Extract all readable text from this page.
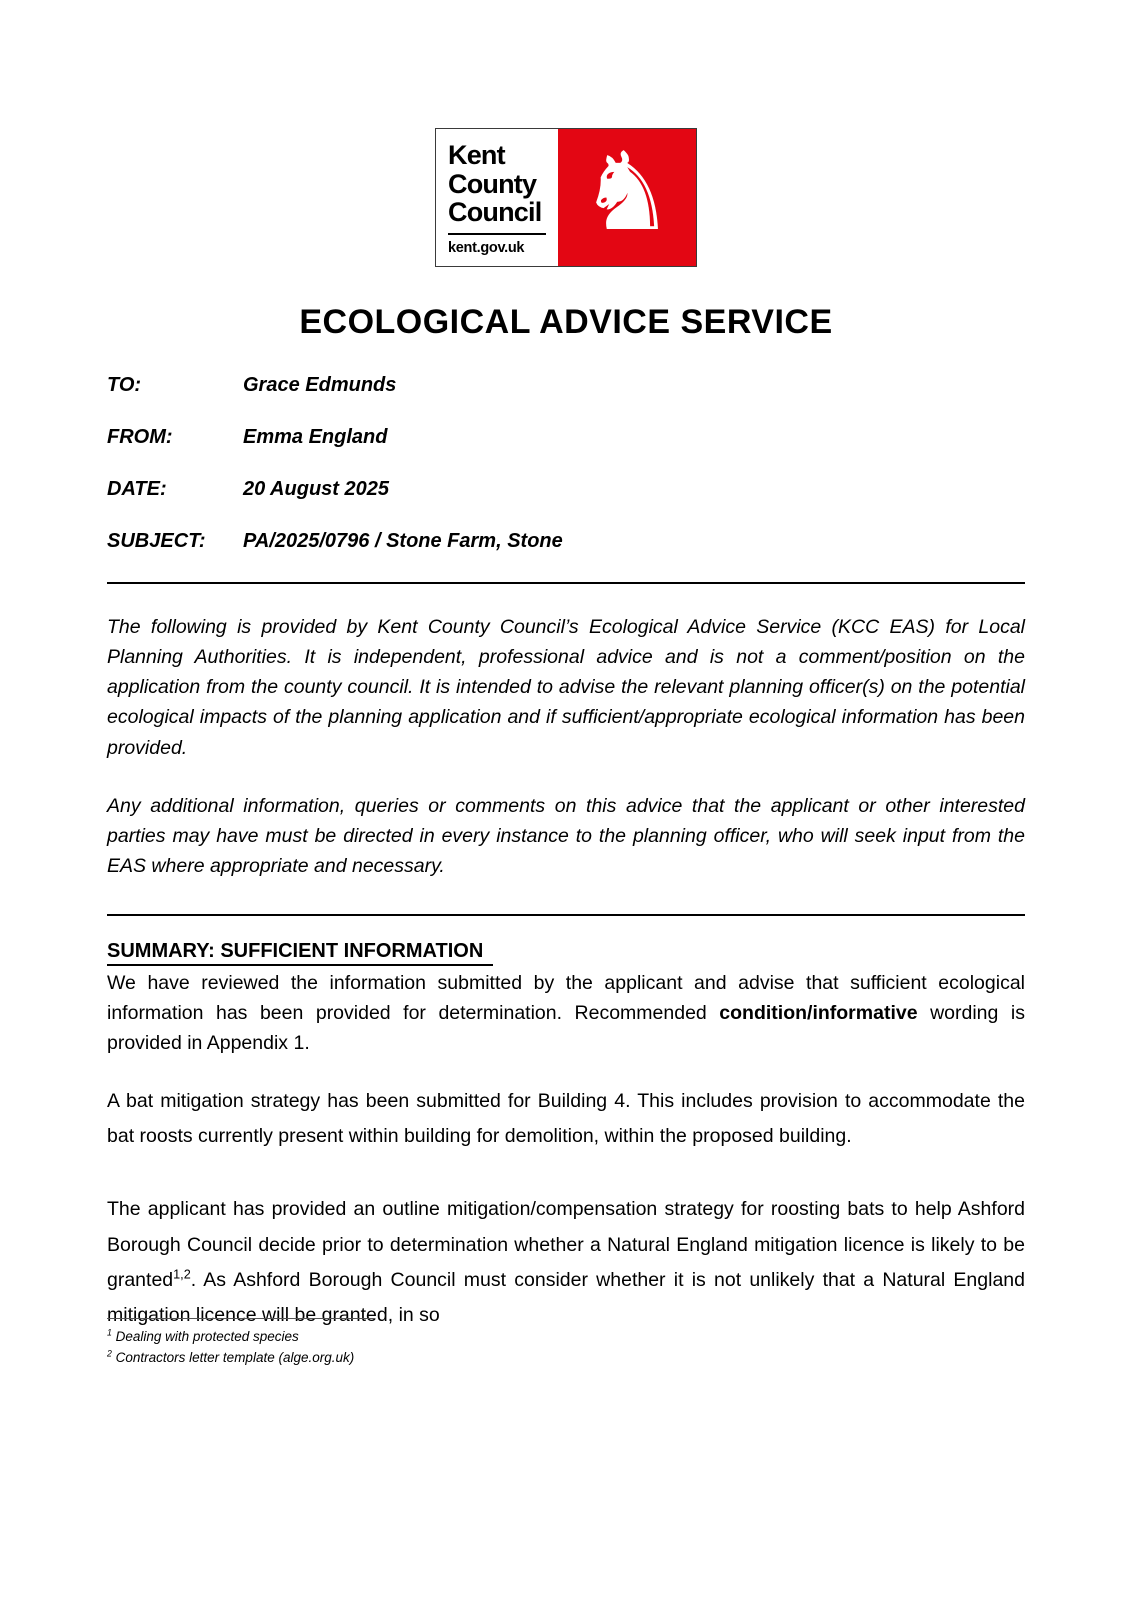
Kent
County
Council
kent.gov.uk ♞
ECOLOGICAL ADVICE SERVICE
TO:	Grace Edmunds
FROM:	Emma England
DATE:	20 August 2025
SUBJECT:	PA/2025/0796 / Stone Farm, Stone

The following is provided by Kent County Council’s Ecological Advice Service (KCC EAS) for Local Planning Authorities. It is independent, professional advice and is not a comment/position on the application from the county council. It is intended to advise the relevant planning officer(s) on the potential ecological impacts of the planning application and if sufficient/appropriate ecological information has been provided.

Any additional information, queries or comments on this advice that the applicant or other interested parties may have must be directed in every instance to the planning officer, who will seek input from the EAS where appropriate and necessary.

SUMMARY: SUFFICIENT INFORMATION

We have reviewed the information submitted by the applicant and advise that sufficient ecological information has been provided for determination. Recommended condition/informative wording is provided in Appendix 1.

A bat mitigation strategy has been submitted for Building 4. This includes provision to accommodate the bat roosts currently present within building for demolition, within the proposed building.

The applicant has provided an outline mitigation/compensation strategy for roosting bats to help Ashford Borough Council decide prior to determination whether a Natural England mitigation licence is likely to be granted$^{1,2}$. As Ashford Borough Council must consider whether it is not unlikely that a Natural England mitigation licence will be granted, in so

$^1$ Dealing with protected species
$^2$ Contractors letter template (alge.org.uk)
